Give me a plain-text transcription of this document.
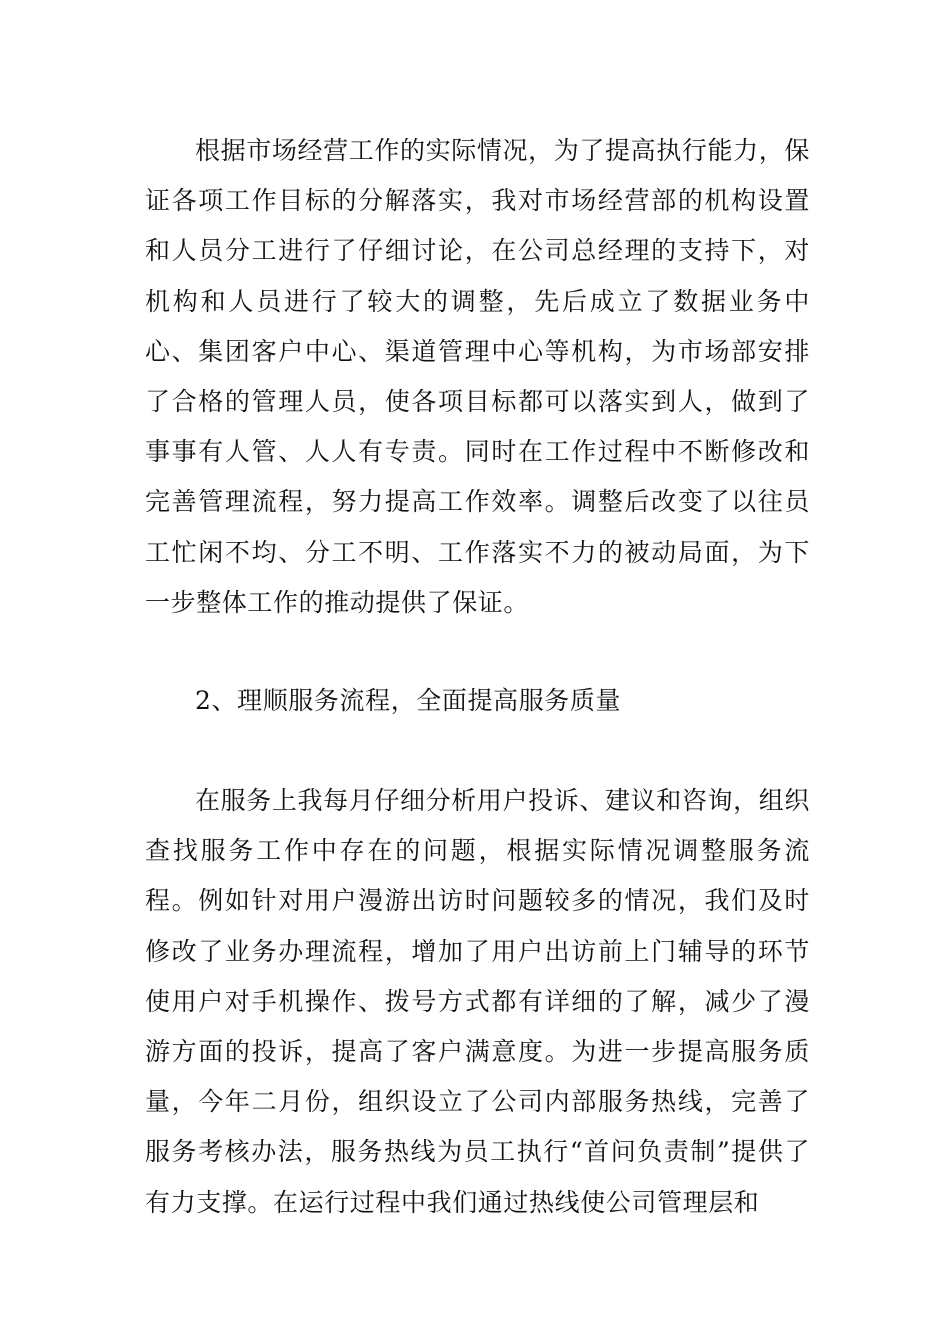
根据市场经营工作的实际情况，为了提高执行能力，保证各项工作目标的分解落实，我对市场经营部的机构设置和人员分工进行了仔细讨论，在公司总经理的支持下，对机构和人员进行了较大的调整，先后成立了数据业务中心、集团客户中心、渠道管理中心等机构，为市场部安排了合格的管理人员，使各项目标都可以落实到人，做到了事事有人管、人人有专责。同时在工作过程中不断修改和完善管理流程，努力提高工作效率。调整后改变了以往员工忙闲不均、分工不明、工作落实不力的被动局面，为下一步整体工作的推动提供了保证。

2、理顺服务流程，全面提高服务质量

在服务上我每月仔细分析用户投诉、建议和咨询，组织查找服务工作中存在的问题，根据实际情况调整服务流程。例如针对用户漫游出访时问题较多的情况，我们及时修改了业务办理流程，增加了用户出访前上门辅导的环节使用户对手机操作、拨号方式都有详细的了解，减少了漫游方面的投诉，提高了客户满意度。为进一步提高服务质量，今年二月份，组织设立了公司内部服务热线，完善了服务考核办法，服务热线为员工执行“首问负责制”提供了有力支撑。在运行过程中我们通过热线使公司管理层和
